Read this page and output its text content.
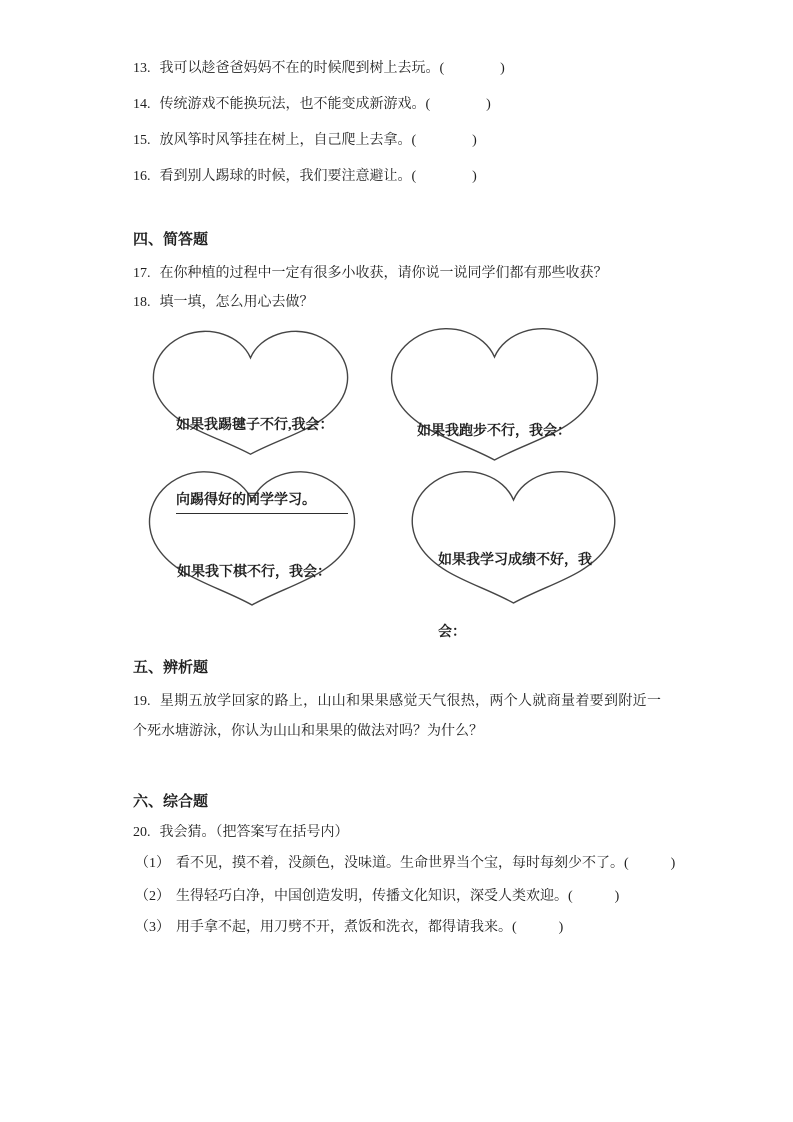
13. 我可以趁爸爸妈妈不在的时候爬到树上去玩。(　　　　)
14. 传统游戏不能换玩法，也不能变成新游戏。(　　　　)
15. 放风筝时风筝挂在树上，自己爬上去拿。(　　　　)
16. 看到别人踢球的时候，我们要注意避让。(　　　　)
四、简答题
17. 在你种植的过程中一定有很多小收获，请你说一说同学们都有那些收获？
18. 填一填，怎么用心去做？

如果我踢毽子不行,我会：

向踢得好的同学学习。

如果我跑步不行，我会：

如果我下棋不行，我会：

如果我学习成绩不好，我

会：

五、辨析题
19. 星期五放学回家的路上，山山和果果感觉天气很热，两个人就商量着要到附近一个死水塘游泳，你认为山山和果果的做法对吗？为什么？
六、综合题
20. 我会猜。（把答案写在括号内）
（1） 看不见，摸不着，没颜色，没味道。生命世界当个宝，每时每刻少不了。(　　　)
（2） 生得轻巧白净，中国创造发明，传播文化知识，深受人类欢迎。(　　　)
（3） 用手拿不起，用刀劈不开，煮饭和洗衣，都得请我来。(　　　)
